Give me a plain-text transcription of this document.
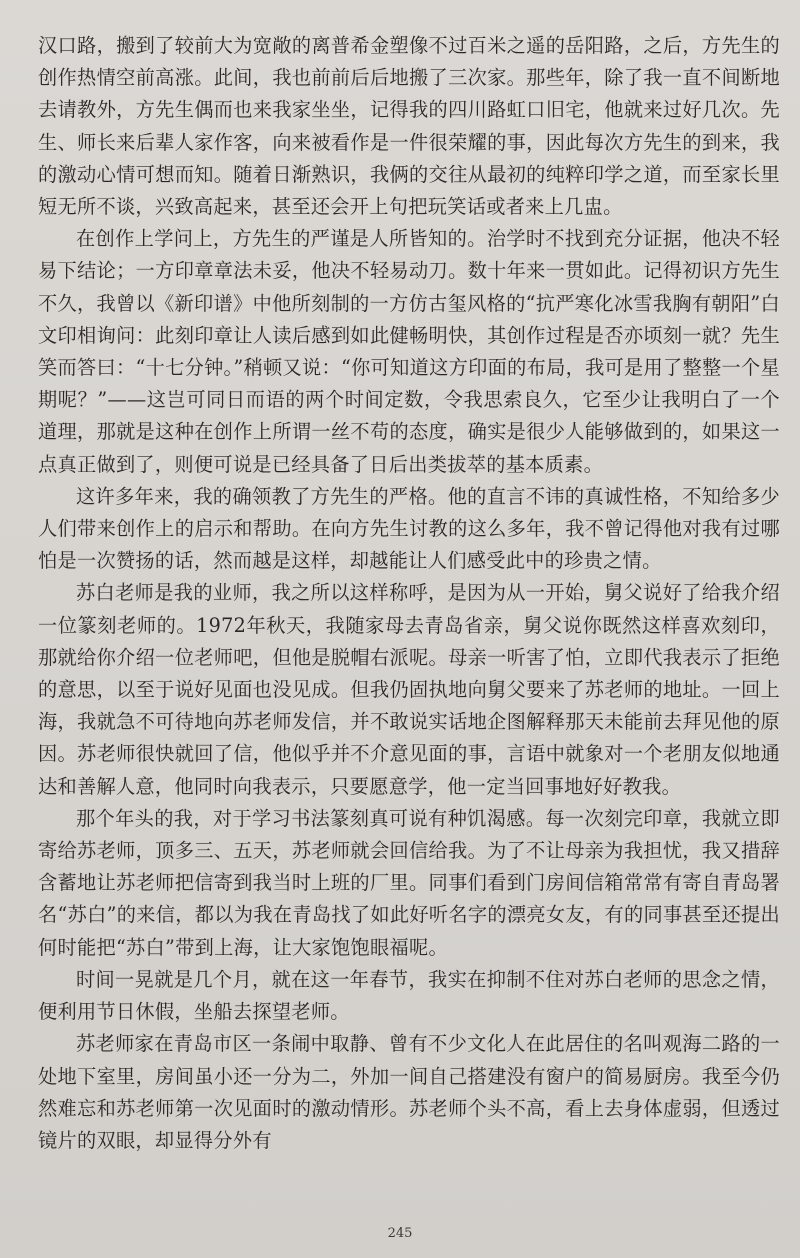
汉口路，搬到了较前大为宽敞的离普希金塑像不过百米之遥的岳阳路，之后，方先生的创作热情空前高涨。此间，我也前前后后地搬了三次家。那些年，除了我一直不间断地去请教外，方先生偶而也来我家坐坐，记得我的四川路虹口旧宅，他就来过好几次。先生、师长来后辈人家作客，向来被看作是一件很荣耀的事，因此每次方先生的到来，我的激动心情可想而知。随着日渐熟识，我俩的交往从最初的纯粹印学之道，而至家长里短无所不谈，兴致高起来，甚至还会开上句把玩笑话或者来上几盅。

在创作上学问上，方先生的严谨是人所皆知的。治学时不找到充分证据，他决不轻易下结论；一方印章章法未妥，他决不轻易动刀。数十年来一贯如此。记得初识方先生不久，我曾以《新印谱》中他所刻制的一方仿古玺风格的“抗严寒化冰雪我胸有朝阳”白文印相询问：此刻印章让人读后感到如此健畅明快，其创作过程是否亦顷刻一就？先生笑而答曰：“十七分钟。”稍顿又说：“你可知道这方印面的布局，我可是用了整整一个星期呢？”——这岂可同日而语的两个时间定数，令我思索良久，它至少让我明白了一个道理，那就是这种在创作上所谓一丝不苟的态度，确实是很少人能够做到的，如果这一点真正做到了，则便可说是已经具备了日后出类拔萃的基本质素。

这许多年来，我的确领教了方先生的严格。他的直言不讳的真诚性格，不知给多少人们带来创作上的启示和帮助。在向方先生讨教的这么多年，我不曾记得他对我有过哪怕是一次赞扬的话，然而越是这样，却越能让人们感受此中的珍贵之情。

苏白老师是我的业师，我之所以这样称呼，是因为从一开始，舅父说好了给我介绍一位篆刻老师的。1972年秋天，我随家母去青岛省亲，舅父说你既然这样喜欢刻印，那就给你介绍一位老师吧，但他是脱帽右派呢。母亲一听害了怕，立即代我表示了拒绝的意思，以至于说好见面也没见成。但我仍固执地向舅父要来了苏老师的地址。一回上海，我就急不可待地向苏老师发信，并不敢说实话地企图解释那天未能前去拜见他的原因。苏老师很快就回了信，他似乎并不介意见面的事，言语中就象对一个老朋友似地通达和善解人意，他同时向我表示，只要愿意学，他一定当回事地好好教我。

那个年头的我，对于学习书法篆刻真可说有种饥渴感。每一次刻完印章，我就立即寄给苏老师，顶多三、五天，苏老师就会回信给我。为了不让母亲为我担忧，我又措辞含蓄地让苏老师把信寄到我当时上班的厂里。同事们看到门房间信箱常常有寄自青岛署名“苏白”的来信，都以为我在青岛找了如此好听名字的漂亮女友，有的同事甚至还提出何时能把“苏白”带到上海，让大家饱饱眼福呢。

时间一晃就是几个月，就在这一年春节，我实在抑制不住对苏白老师的思念之情，便利用节日休假，坐船去探望老师。

苏老师家在青岛市区一条闹中取静、曾有不少文化人在此居住的名叫观海二路的一处地下室里，房间虽小还一分为二，外加一间自己搭建没有窗户的简易厨房。我至今仍然难忘和苏老师第一次见面时的激动情形。苏老师个头不高，看上去身体虚弱，但透过镜片的双眼，却显得分外有

245
